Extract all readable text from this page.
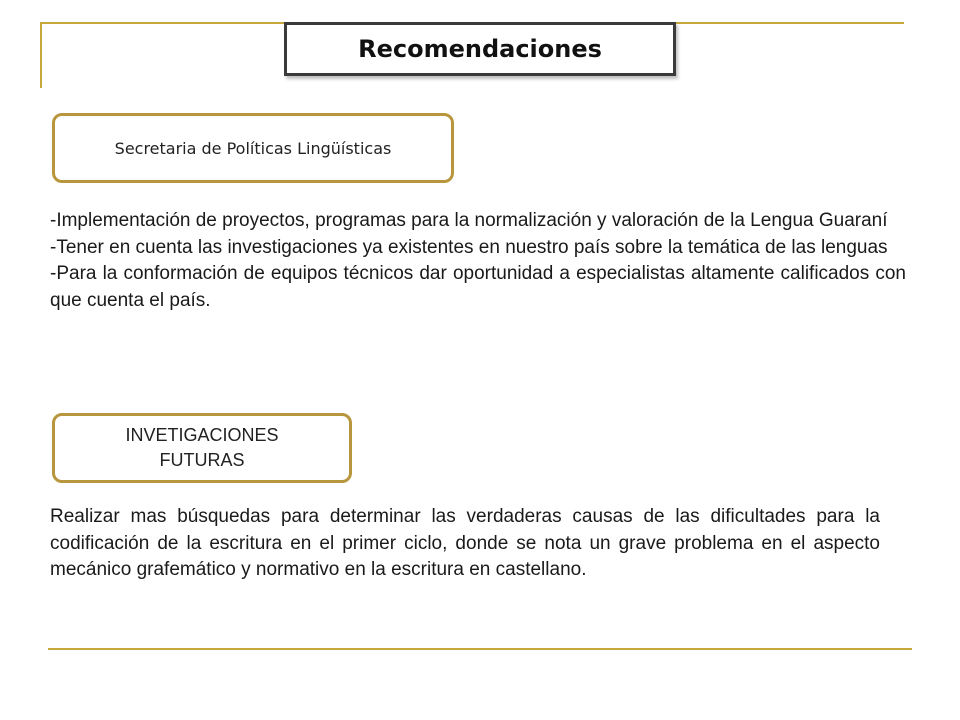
Recomendaciones
Secretaria de Políticas Lingüísticas

-Implementación de proyectos, programas para la normalización y valoración de la Lengua Guaraní

-Tener en cuenta las investigaciones ya existentes en nuestro país sobre la temática de las lenguas

-Para la conformación de equipos técnicos dar oportunidad a especialistas altamente calificados con que cuenta el país.

INVETIGACIONES
FUTURAS

Realizar mas búsquedas para determinar las verdaderas causas de las dificultades para la codificación de la escritura en el primer ciclo, donde se nota un grave problema en el aspecto mecánico grafemático y normativo en la escritura en castellano.
